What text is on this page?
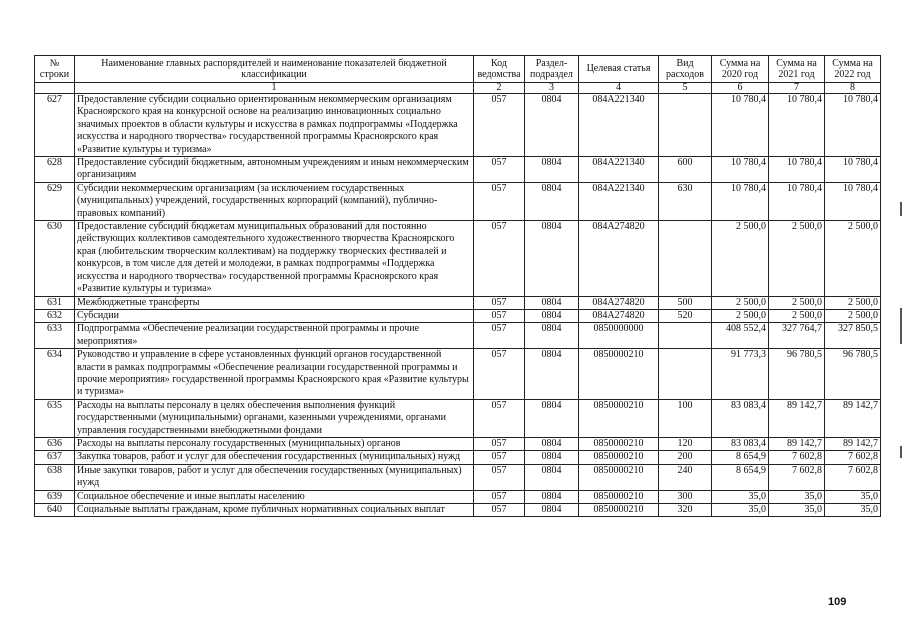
№ строки	Наименование главных распорядителей и наименование показателей бюджетной классификации	Код ведомства	Раздел- подраздел	Целевая статья	Вид расходов	Сумма на 2020 год	Сумма на 2021 год	Сумма на 2022 год
	1	2	3	4	5	6	7	8
627	Предоставление субсидии социально ориентированным некоммерческим организациям Красноярского края на конкурсной основе на реализацию инновационных социально значимых проектов в области культуры и искусства в рамках подпрограммы «Поддержка искусства и народного творчества» государственной программы Красноярского края «Развитие культуры и туризма»	057	0804	084А221340		10 780,4	10 780,4	10 780,4
628	Предоставление субсидий бюджетным, автономным учреждениям и иным некоммерческим организациям	057	0804	084А221340	600	10 780,4	10 780,4	10 780,4
629	Субсидии некоммерческим организациям (за исключением государственных (муниципальных) учреждений, государственных корпораций (компаний), публично-правовых компаний)	057	0804	084А221340	630	10 780,4	10 780,4	10 780,4
630	Предоставление субсидий бюджетам муниципальных образований для постоянно действующих коллективов самодеятельного художественного творчества Красноярского края (любительским творческим коллективам) на поддержку творческих фестивалей и конкурсов, в том числе для детей и молодежи, в рамках подпрограммы «Поддержка искусства и народного творчества» государственной программы Красноярского края «Развитие культуры и туризма»	057	0804	084А274820		2 500,0	2 500,0	2 500,0
631	Межбюджетные трансферты	057	0804	084А274820	500	2 500,0	2 500,0	2 500,0
632	Субсидии	057	0804	084А274820	520	2 500,0	2 500,0	2 500,0
633	Подпрограмма «Обеспечение реализации государственной программы и прочие мероприятия»	057	0804	0850000000		408 552,4	327 764,7	327 850,5
634	Руководство и управление в сфере установленных функций органов государственной власти в рамках подпрограммы «Обеспечение реализации государственной программы и прочие мероприятия» государственной программы Красноярского края «Развитие культуры и туризма»	057	0804	0850000210		91 773,3	96 780,5	96 780,5
635	Расходы на выплаты персоналу в целях обеспечения выполнения функций государственными (муниципальными) органами, казенными учреждениями, органами управления государственными внебюджетными фондами	057	0804	0850000210	100	83 083,4	89 142,7	89 142,7
636	Расходы на выплаты персоналу государственных (муниципальных) органов	057	0804	0850000210	120	83 083,4	89 142,7	89 142,7
637	Закупка товаров, работ и услуг для обеспечения государственных (муниципальных) нужд	057	0804	0850000210	200	8 654,9	7 602,8	7 602,8
638	Иные закупки товаров, работ и услуг для обеспечения государственных (муниципальных) нужд	057	0804	0850000210	240	8 654,9	7 602,8	7 602,8
639	Социальное обеспечение и иные выплаты населению	057	0804	0850000210	300	35,0	35,0	35,0
640	Социальные выплаты гражданам, кроме публичных нормативных социальных выплат	057	0804	0850000210	320	35,0	35,0	35,0
109
